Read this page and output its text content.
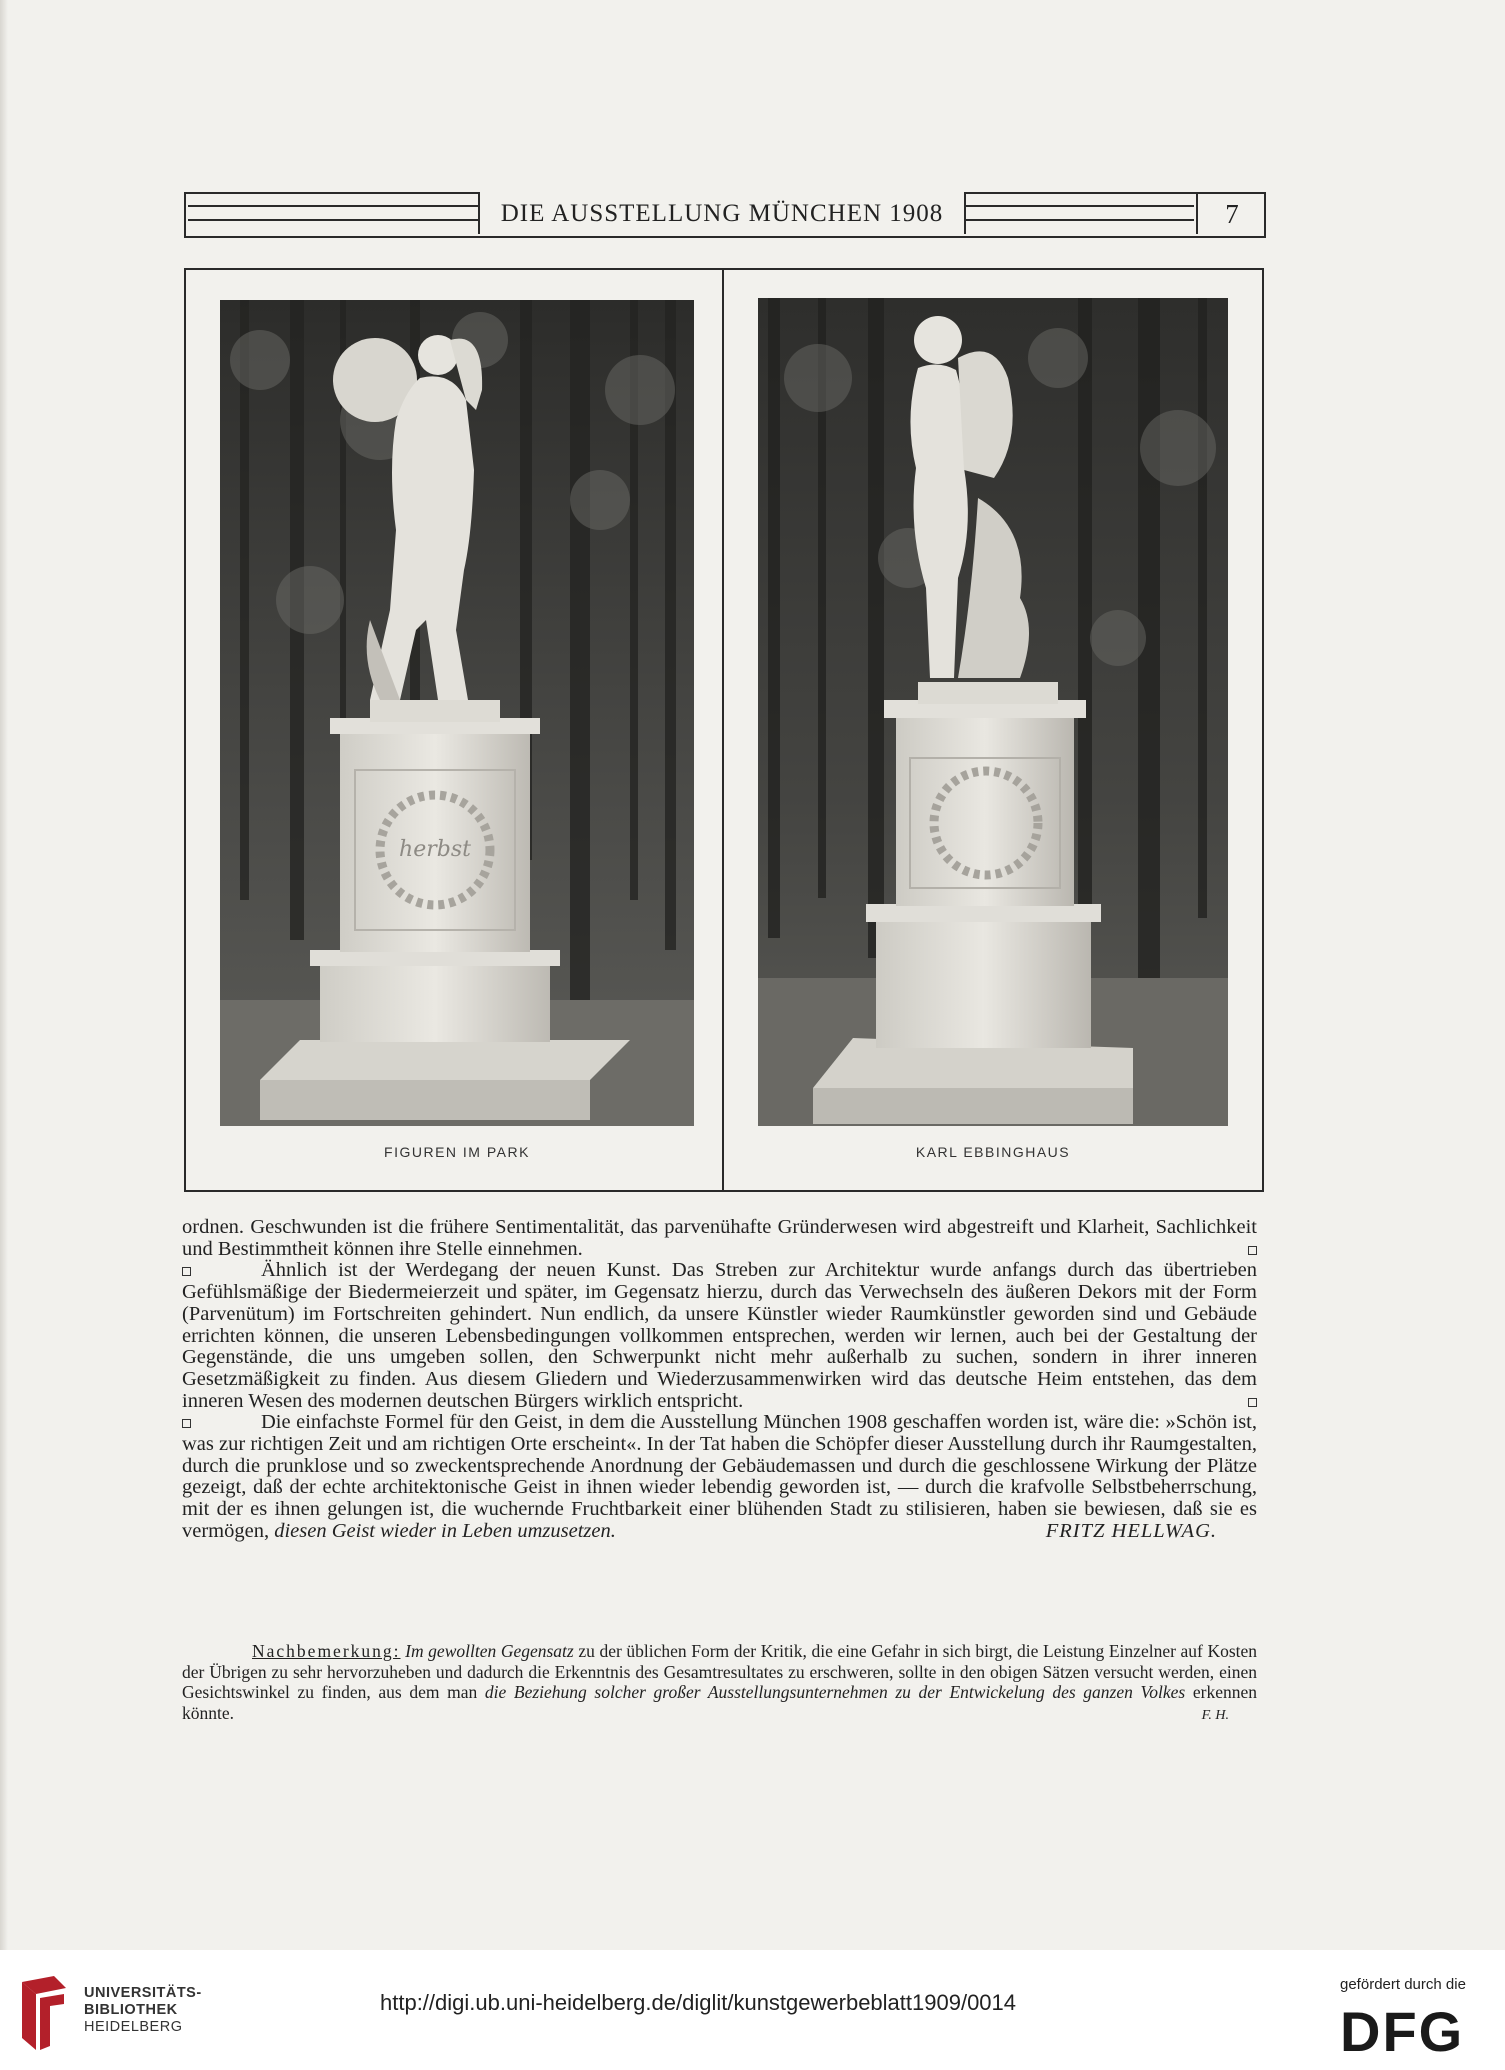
DIE AUSSTELLUNG MÜNCHEN 1908	7
herbst
FIGUREN IM PARK	KARL EBBINGHAUS

ordnen. Geschwunden ist die frühere Sentimentalität, das parvenühafte Gründerwesen wird abgestreift und Klarheit, Sachlichkeit und Bestimmtheit können ihre Stelle einnehmen.

Ähnlich ist der Werdegang der neuen Kunst. Das Streben zur Architektur wurde anfangs durch das übertrieben Gefühlsmäßige der Biedermeierzeit und später, im Gegensatz hierzu, durch das Verwechseln des äußeren Dekors mit der Form (Parvenütum) im Fortschreiten gehindert. Nun endlich, da unsere Künstler wieder Raumkünstler geworden sind und Gebäude errichten können, die unseren Lebensbedingungen vollkommen entsprechen, werden wir lernen, auch bei der Gestaltung der Gegenstände, die uns umgeben sollen, den Schwerpunkt nicht mehr außerhalb zu suchen, sondern in ihrer inneren Gesetzmäßigkeit zu finden. Aus diesem Gliedern und Wiederzusammenwirken wird das deutsche Heim entstehen, das dem inneren Wesen des modernen deutschen Bürgers wirklich entspricht.

Die einfachste Formel für den Geist, in dem die Ausstellung München 1908 geschaffen worden ist, wäre die: »Schön ist, was zur richtigen Zeit und am richtigen Orte erscheint«. In der Tat haben die Schöpfer dieser Ausstellung durch ihr Raumgestalten, durch die prunklose und so zweckentsprechende Anordnung der Gebäudemassen und durch die geschlossene Wirkung der Plätze gezeigt, daß der echte architektonische Geist in ihnen wieder lebendig geworden ist, — durch die krafvolle Selbstbeherrschung, mit der es ihnen gelungen ist, die wuchernde Fruchtbarkeit einer blühenden Stadt zu stilisieren, haben sie bewiesen, daß sie es vermögen, diesen Geist wieder in Leben umzusetzen.	FRITZ HELLWAG.

Nachbemerkung: Im gewollten Gegensatz zu der üblichen Form der Kritik, die eine Gefahr in sich birgt, die Leistung Einzelner auf Kosten der Übrigen zu sehr hervorzuheben und dadurch die Erkenntnis des Gesamtresultates zu erschweren, sollte in den obigen Sätzen versucht werden, einen Gesichtswinkel zu finden, aus dem man die Beziehung solcher großer Ausstellungsunternehmen zu der Entwickelung des ganzen Volkes erkennen könnte.	F. H.
UNIVERSITÄTS-
BIBLIOTHEK
HEIDELBERG
http://digi.ub.uni-heidelberg.de/diglit/kunstgewerbeblatt1909/0014
gefördert durch die
DFG
